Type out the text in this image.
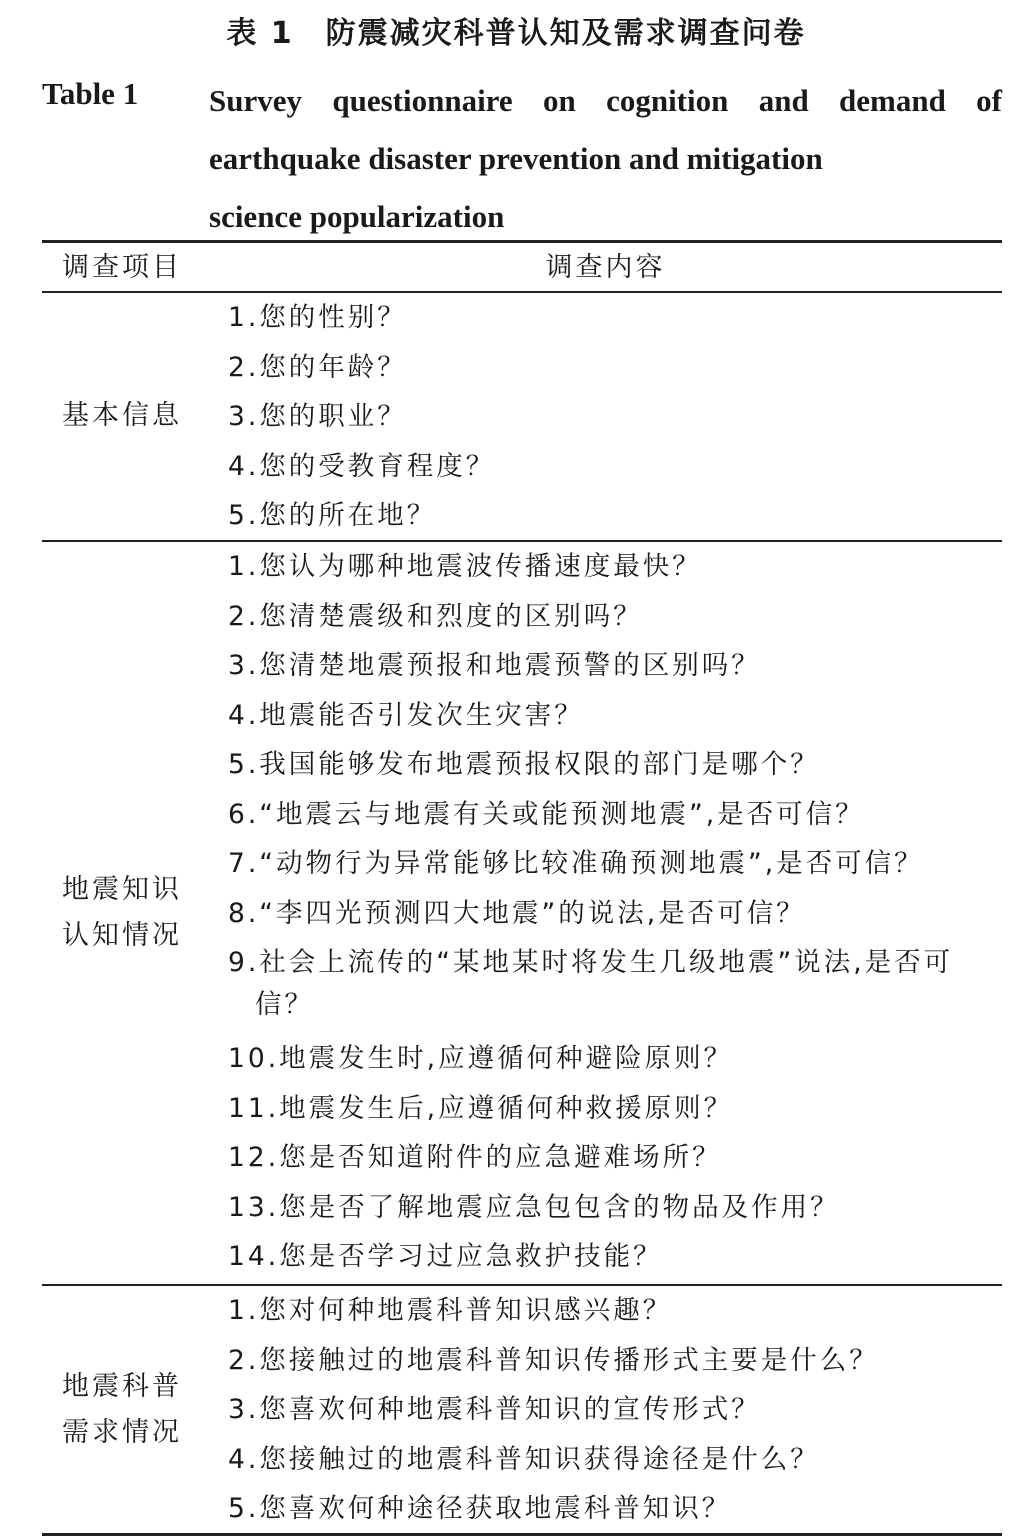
表 1　防震减灾科普认知及需求调查问卷
Table 1 Survey questionnaire on cognition and demand of
earthquake disaster prevention and mitigation
science popularization
调查项目	调查内容
基本信息
1.您的性别？
2.您的年龄？
3.您的职业？
4.您的受教育程度？
5.您的所在地？
地震知识
认知情况
1.您认为哪种地震波传播速度最快？
2.您清楚震级和烈度的区别吗？
3.您清楚地震预报和地震预警的区别吗？
4.地震能否引发次生灾害？
5.我国能够发布地震预报权限的部门是哪个？
6.“地震云与地震有关或能预测地震”,是否可信？
7.“动物行为异常能够比较准确预测地震”,是否可信？
8.“李四光预测四大地震”的说法,是否可信？
9.社会上流传的“某地某时将发生几级地震”说法,是否可信？
10.地震发生时,应遵循何种避险原则？
11.地震发生后,应遵循何种救援原则？
12.您是否知道附件的应急避难场所？
13.您是否了解地震应急包包含的物品及作用？
14.您是否学习过应急救护技能？
地震科普
需求情况
1.您对何种地震科普知识感兴趣？
2.您接触过的地震科普知识传播形式主要是什么？
3.您喜欢何种地震科普知识的宣传形式？
4.您接触过的地震科普知识获得途径是什么？
5.您喜欢何种途径获取地震科普知识？
